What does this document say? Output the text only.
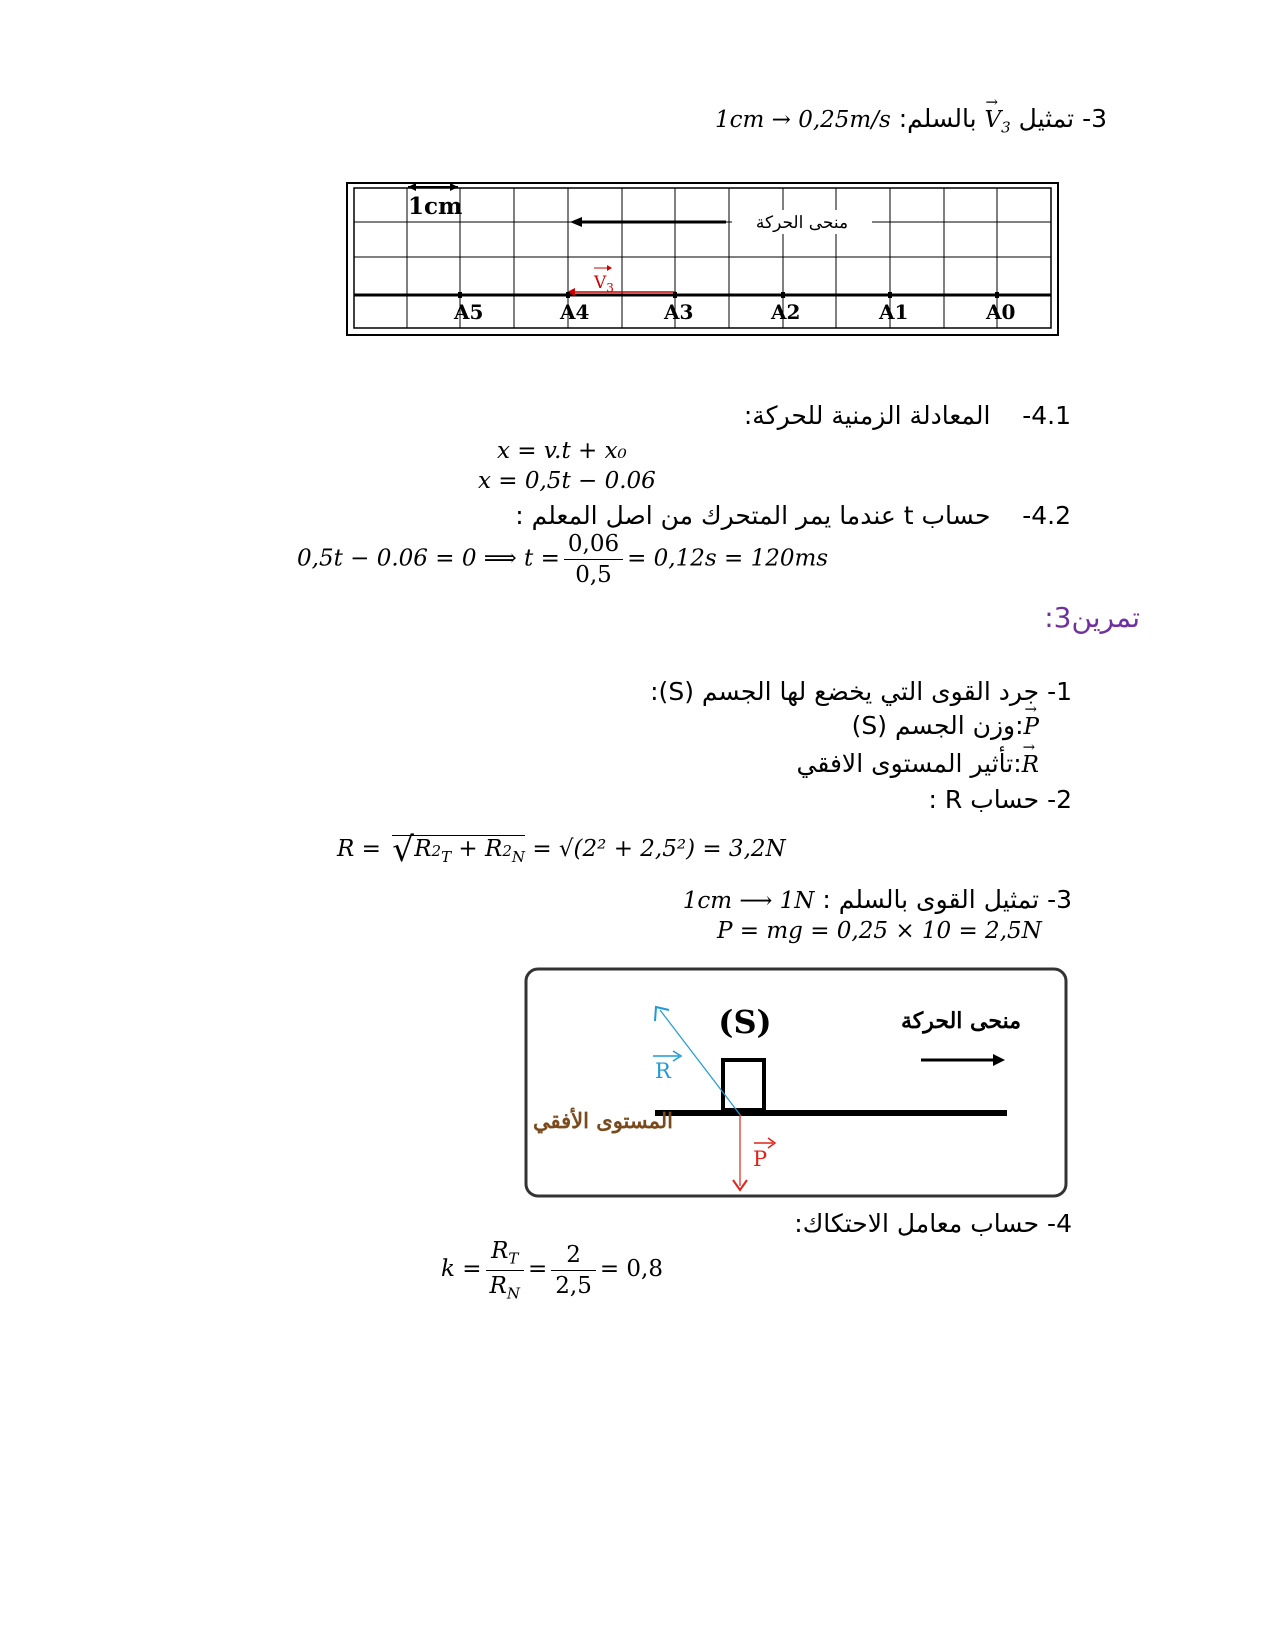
1cm → 0,25m/s بالسلم: → $V_3$ تمثيل 3-
1cm
منحى الحركة
$V_3$
A5	A4	A3	A2	A1	A0
4.1-    المعادلة الزمنية للحركة:
x = v.t + x₀
x = 0,5t − 0.06
4.2-    حساب t عندما يمر المتحرك من اصل المعلم :
0,5t − 0.06 = 0 ⟹ $t = \frac{0,06}{0,5} = 0,12s = 120ms$
تمرين3:
1- جرد القوى التي يخضع لها الجسم (S):
→ P:وزن الجسم (S)
→ R:تأثير المستوى الافقي
2- حساب R :
R = √ $R_{^2T} + R_{^2N} = √(2^2 + 2,5^2) = 3,2N$
3- تمثيل القوى بالسلم : 1cm ⟶ 1N
P = mg = 0,25 × 10 = 2,5N
(S)	منحى الحركة
المستوى الأفقي
R
P
4- حساب معامل الاحتكاك:
$k = \frac{R_T}{R_N} = \frac{2}{2,5} = 0,8$
